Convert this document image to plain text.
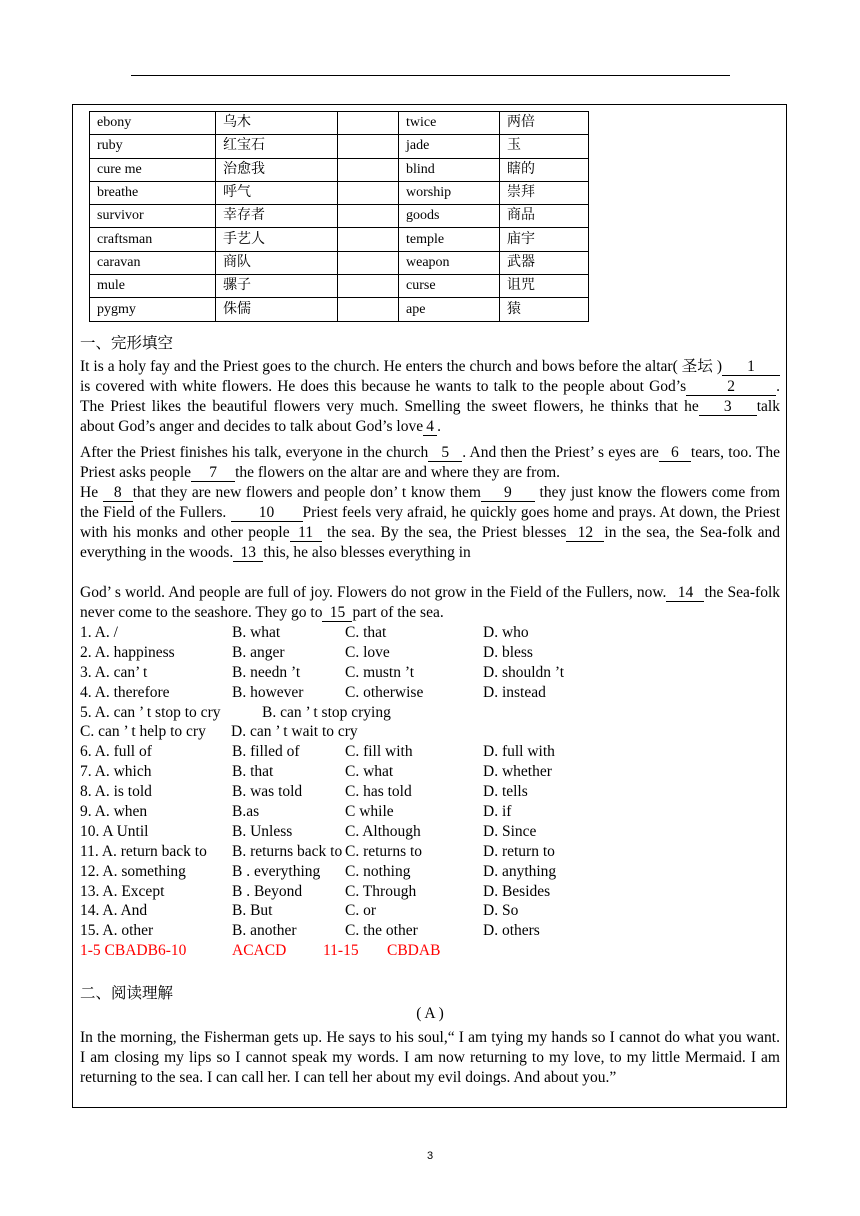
ebony	乌木		twice	两倍
ruby	红宝石		jade	玉
cure me	治愈我		blind	瞎的
breathe	呼气		worship	崇拜
survivor	幸存者		goods	商品
craftsman	手艺人		temple	庙宇
caravan	商队		weapon	武器
mule	骡子		curse	诅咒
pygmy	侏儒		ape	猿
一、完形填空
It is a holy fay and the Priest goes to the church. He enters the church and bows before the altar( 圣坛 ) 1 is covered with white flowers. He does this because he wants to talk to the people about God’s	2	. The Priest likes the beautiful flowers very much. Smelling the sweet flowers, he thinks that he 3 talk about God’s anger and decides to talk about God’s love 4 .
After the Priest finishes his talk, everyone in the church 5 . And then the Priest’ s eyes are 6 tears, too. The Priest asks people 7 the flowers on the altar are and where they are from.
He 8 that they are new flowers and people don’ t know them 9 they just know the flowers come from the Field of the Fullers. 10 Priest feels very afraid, he quickly goes home and prays. At down, the Priest with his monks and other people 11 the sea. By the sea, the Priest blesses 12 in the sea, the Sea-folk and everything in the woods. 13 this, he also blesses everything in
God’ s world. And people are full of joy. Flowers do not grow in the Field of the Fullers, now. 14 the Sea-folk never come to the seashore. They go to 15 part of the sea.
1. A. /	B. what	C. that	D. who
2. A. happiness	B. anger	C. love	D. bless
3. A. can’ t	B. needn ’t	C. mustn ’t	D. shouldn ’t
4. A. therefore	B. however	C. otherwise	D. instead
5. A. can ’ t stop to cry	B. can ’ t stop crying
C. can ’ t help to cry D. can ’ t wait to cry
6. A. full of	B. filled of	C. fill with	D. full with
7. A. which	B. that	C. what	D. whether
8. A. is told	B. was told	C. has told	D. tells
9. A. when	B.as	C while	D. if
10. A Until	B. Unless	C. Although	D. Since
11. A. return back to B. returns back to C. returns to	D. return to
12. A. something	B . everything C. nothing	D. anything
13. A. Except	B . Beyond	C. Through	D. Besides
14. A. And	B. But	C. or	D. So
15. A. other	B. another	C. the other	D. others
1-5 CBADB6-10	ACACD 11-15 CBDAB
二、阅读理解
( A )
In the morning, the Fisherman gets up. He says to his soul,“ I am tying my hands so I cannot do what you want. I am closing my lips so I cannot speak my words. I am now returning to my love, to my little Mermaid. I am returning to the sea. I can call her. I can tell her about my evil doings. And about you.”
3
